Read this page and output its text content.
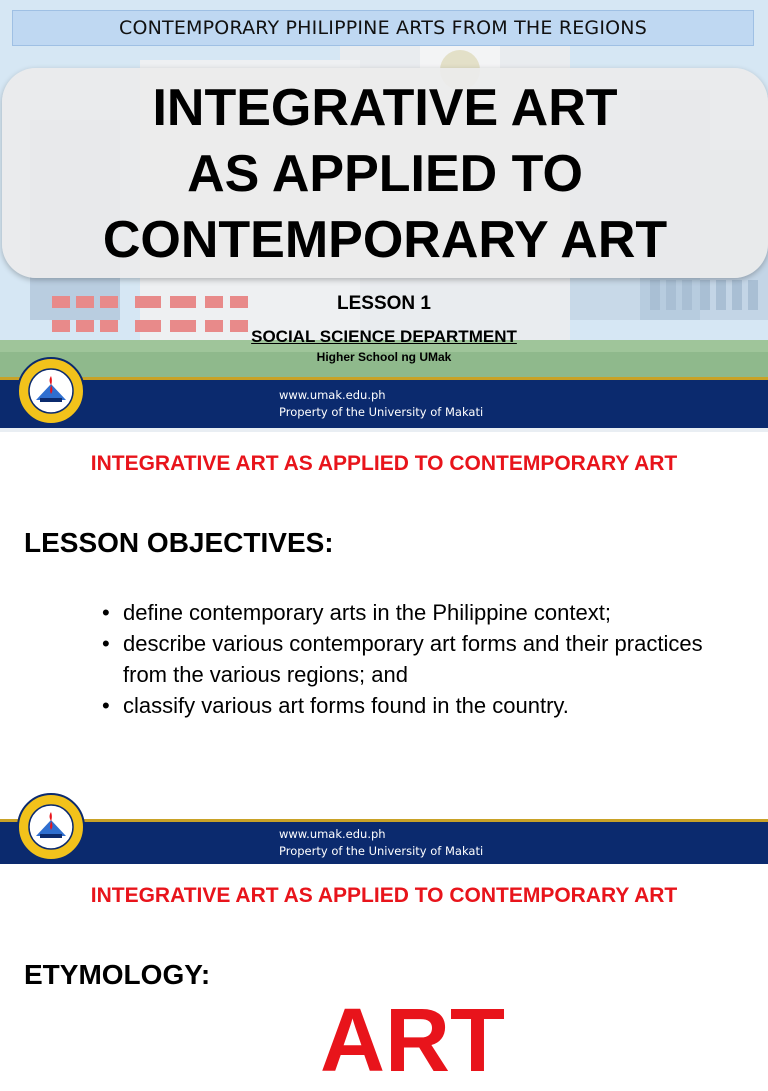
CONTEMPORARY PHILIPPINE ARTS FROM THE REGIONS
INTEGRATIVE ART
AS APPLIED TO
CONTEMPORARY ART
LESSON 1
SOCIAL SCIENCE DEPARTMENT
Higher School ng UMak
www.umak.edu.ph
Property of the University of Makati
INTEGRATIVE ART AS APPLIED TO CONTEMPORARY ART
LESSON OBJECTIVES:
www.umak.edu.ph
Property of the University of Makati
• define contemporary arts in the Philippine context;
• describe various contemporary art forms and their practices from the various regions; and
• classify various art forms found in the country.
INTEGRATIVE ART AS APPLIED TO CONTEMPORARY ART
ETYMOLOGY:
ART
